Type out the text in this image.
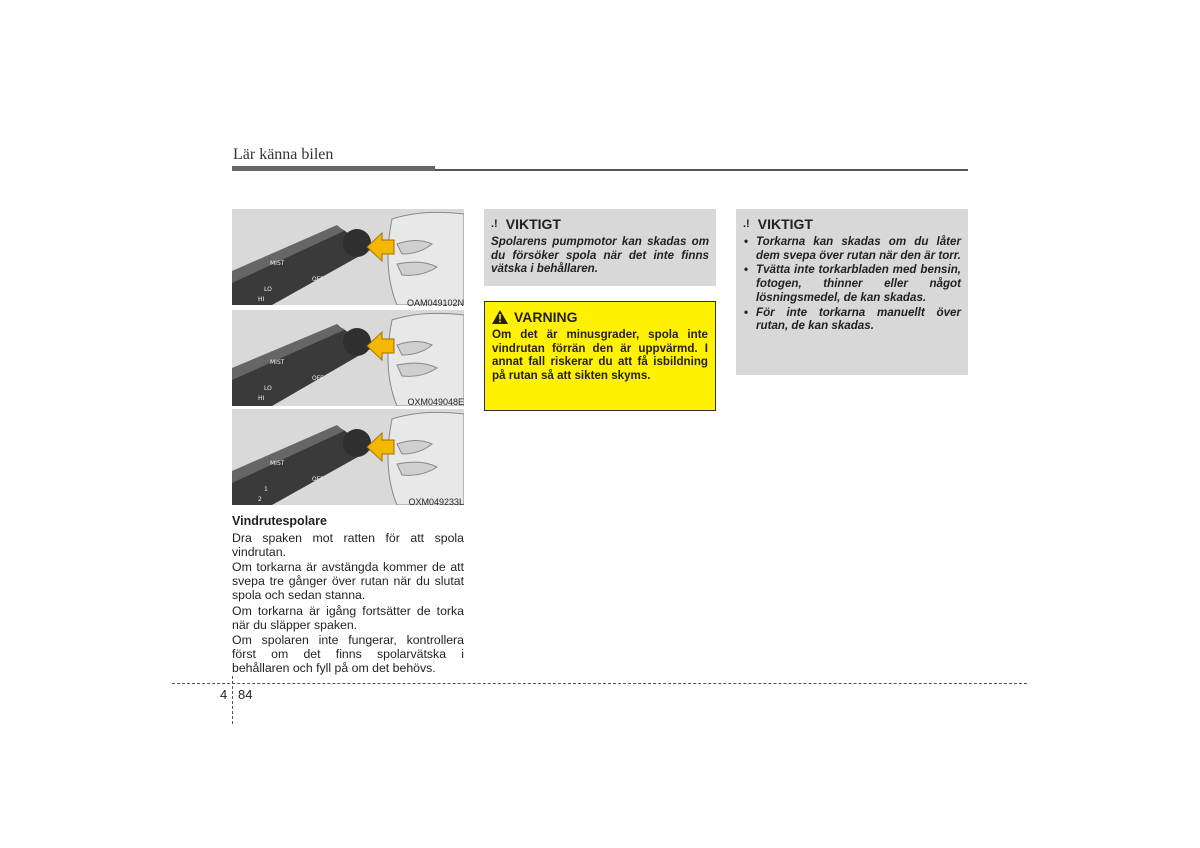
Lär känna bilen
MIST
OFF
LO
HI	OAM049102N
MIST
OFF
LO
HI	OXM049048E
MIST
OFF
1
2	OXM049233L
Vindrutespolare
Dra spaken mot ratten för att spola vindrutan.
Om torkarna är avstängda kommer de att svepa tre gånger över rutan när du slutat spola och sedan stanna.
Om torkarna är igång fortsätter de torka när du släpper spaken.
Om spolaren inte fungerar, kontrollera först om det finns spolarvätska i behållaren och fyll på om det behövs.
.! VIKTIGT
Spolarens pumpmotor kan skadas om du försöker spola när det inte finns vätska i behållaren.
VARNING
Om det är minusgrader, spola inte vindrutan förrän den är uppvärmd. I annat fall riskerar du att få isbildning på rutan så att sikten skyms.
.! VIKTIGT
• Torkarna kan skadas om du låter dem svepa över rutan när den är torr.
• Tvätta inte torkarbladen med bensin, fotogen, thinner eller något lösningsmedel, de kan skadas.
• För inte torkarna manuellt över rutan, de kan skadas.
4 84
